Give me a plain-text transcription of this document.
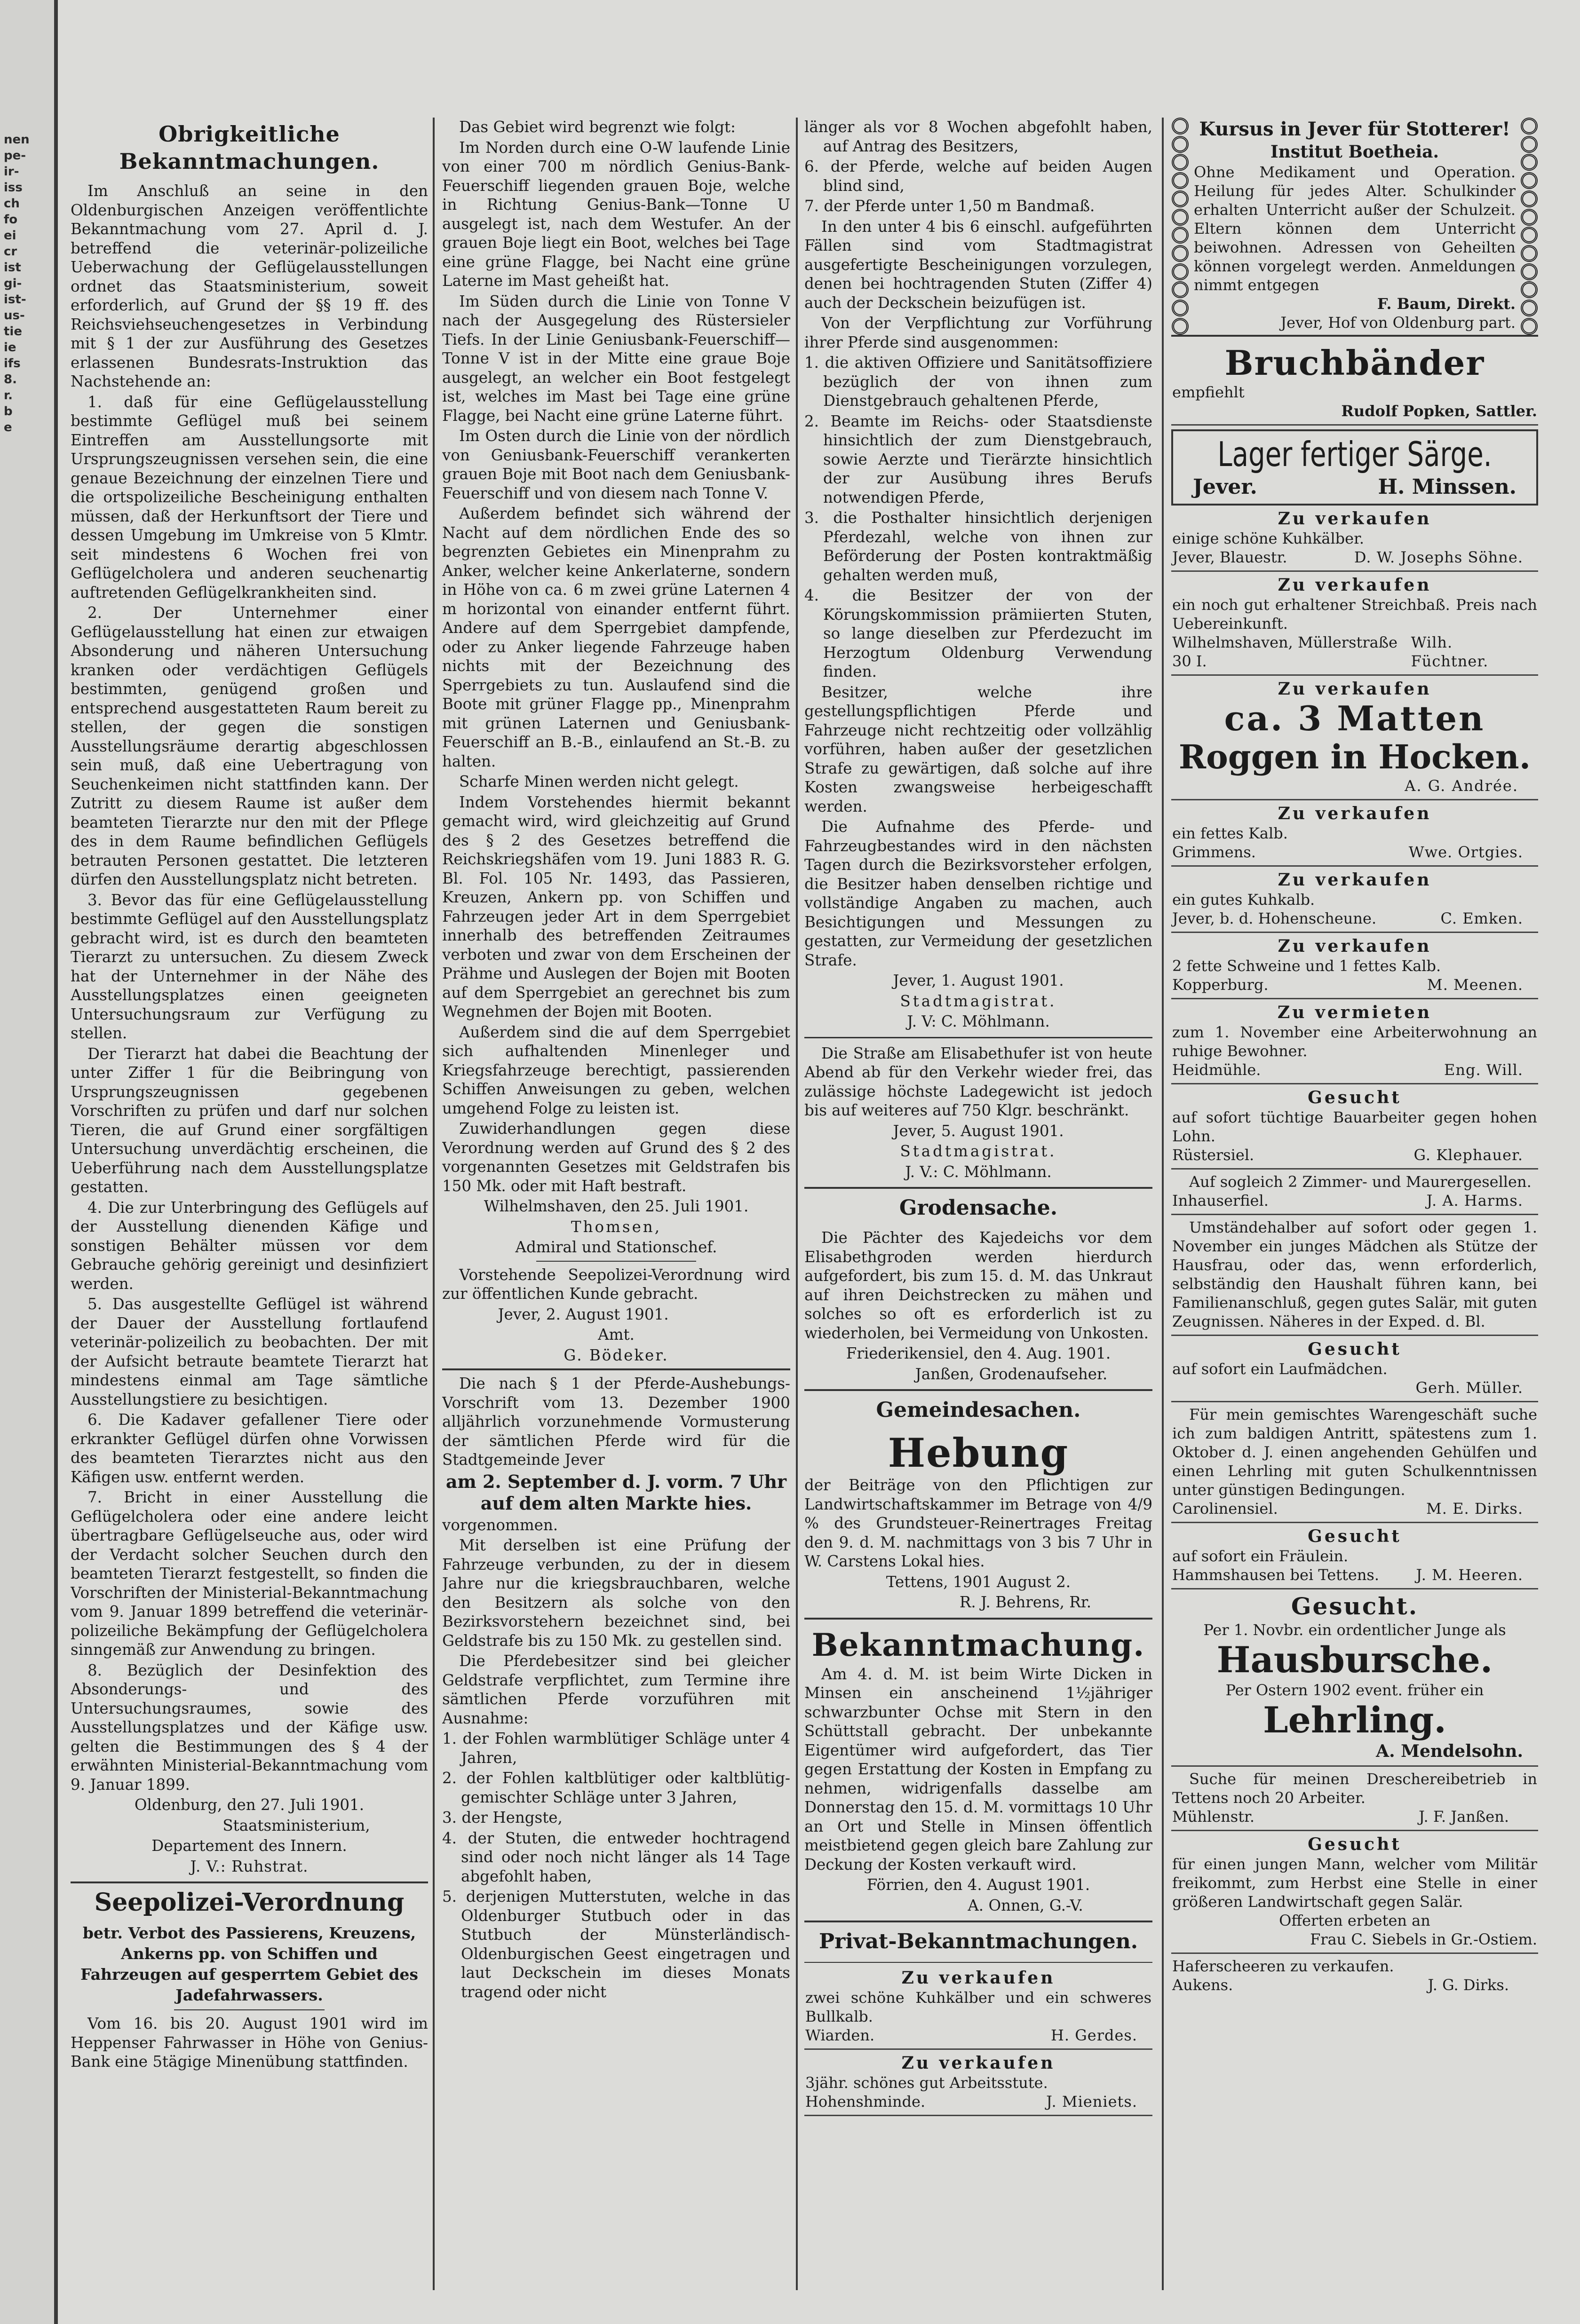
nen
pe-
ir-
iss
ch
fo
ei
cr
ist
gi-
ist-
us-
tie
ie
ifs
8.
r.
b
e
Obrigkeitliche Bekanntmachungen.

Im Anschluß an seine in den Oldenburgischen Anzeigen veröffentlichte Bekanntmachung vom 27. April d. J. betreffend die veterinär-polizeiliche Ueberwachung der Geflügelausstellungen ordnet das Staatsministerium, soweit erforderlich, auf Grund der §§ 19 ff. des Reichsviehseuchengesetzes in Verbindung mit § 1 der zur Ausführung des Gesetzes erlassenen Bundesrats-Instruktion das Nachstehende an:

1. daß für eine Geflügelausstellung bestimmte Geflügel muß bei seinem Eintreffen am Ausstellungsorte mit Ursprungszeugnissen versehen sein, die eine genaue Bezeichnung der einzelnen Tiere und die ortspolizeiliche Bescheinigung enthalten müssen, daß der Herkunftsort der Tiere und dessen Umgebung im Umkreise von 5 Klmtr. seit mindestens 6 Wochen frei von Geflügelcholera und anderen seuchenartig auftretenden Geflügelkrankheiten sind.

2. Der Unternehmer einer Geflügelausstellung hat einen zur etwaigen Absonderung und näheren Untersuchung kranken oder verdächtigen Geflügels bestimmten, genügend großen und entsprechend ausgestatteten Raum bereit zu stellen, der gegen die sonstigen Ausstellungsräume derartig abgeschlossen sein muß, daß eine Uebertragung von Seuchenkeimen nicht stattfinden kann. Der Zutritt zu diesem Raume ist außer dem beamteten Tierarzte nur den mit der Pflege des in dem Raume befindlichen Geflügels betrauten Personen gestattet. Die letzteren dürfen den Ausstellungsplatz nicht betreten.

3. Bevor das für eine Geflügelausstellung bestimmte Geflügel auf den Ausstellungsplatz gebracht wird, ist es durch den beamteten Tierarzt zu untersuchen. Zu diesem Zweck hat der Unternehmer in der Nähe des Ausstellungsplatzes einen geeigneten Untersuchungsraum zur Verfügung zu stellen.

Der Tierarzt hat dabei die Beachtung der unter Ziffer 1 für die Beibringung von Ursprungszeugnissen gegebenen Vorschriften zu prüfen und darf nur solchen Tieren, die auf Grund einer sorgfältigen Untersuchung unverdächtig erscheinen, die Ueberführung nach dem Ausstellungsplatze gestatten.

4. Die zur Unterbringung des Geflügels auf der Ausstellung dienenden Käfige und sonstigen Behälter müssen vor dem Gebrauche gehörig gereinigt und desinfiziert werden.

5. Das ausgestellte Geflügel ist während der Dauer der Ausstellung fortlaufend veterinär-polizeilich zu beobachten. Der mit der Aufsicht betraute beamtete Tierarzt hat mindestens einmal am Tage sämtliche Ausstellungstiere zu besichtigen.

6. Die Kadaver gefallener Tiere oder erkrankter Geflügel dürfen ohne Vorwissen des beamteten Tierarztes nicht aus den Käfigen usw. entfernt werden.

7. Bricht in einer Ausstellung die Geflügelcholera oder eine andere leicht übertragbare Geflügelseuche aus, oder wird der Verdacht solcher Seuchen durch den beamteten Tierarzt festgestellt, so finden die Vorschriften der Ministerial-Bekanntmachung vom 9. Januar 1899 betreffend die veterinär-polizeiliche Bekämpfung der Geflügelcholera sinngemäß zur Anwendung zu bringen.

8. Bezüglich der Desinfektion des Absonderungs- und des Untersuchungsraumes, sowie des Ausstellungsplatzes und der Käfige usw. gelten die Bestimmungen des § 4 der erwähnten Ministerial-Bekanntmachung vom 9. Januar 1899.

Oldenburg, den 27. Juli 1901.

Staatsministerium,

Departement des Innern.

J. V.: Ruhstrat.

Seepolizei-Verordnung

betr. Verbot des Passierens, Kreuzens, Ankerns pp. von Schiffen und Fahrzeugen auf gesperrtem Gebiet des Jadefahrwassers.

Vom 16. bis 20. August 1901 wird im Heppenser Fahrwasser in Höhe von Genius-Bank eine 5tägige Minenübung stattfinden.

Das Gebiet wird begrenzt wie folgt:

Im Norden durch eine O-W laufende Linie von einer 700 m nördlich Genius-Bank-Feuerschiff liegenden grauen Boje, welche in Richtung Genius-Bank—Tonne U ausgelegt ist, nach dem Westufer. An der grauen Boje liegt ein Boot, welches bei Tage eine grüne Flagge, bei Nacht eine grüne Laterne im Mast geheißt hat.

Im Süden durch die Linie von Tonne V nach der Ausgegelung des Rüstersieler Tiefs. In der Linie Geniusbank-Feuerschiff—Tonne V ist in der Mitte eine graue Boje ausgelegt, an welcher ein Boot festgelegt ist, welches im Mast bei Tage eine grüne Flagge, bei Nacht eine grüne Laterne führt.

Im Osten durch die Linie von der nördlich von Geniusbank-Feuerschiff verankerten grauen Boje mit Boot nach dem Geniusbank-Feuerschiff und von diesem nach Tonne V.

Außerdem befindet sich während der Nacht auf dem nördlichen Ende des so begrenzten Gebietes ein Minenprahm zu Anker, welcher keine Ankerlaterne, sondern in Höhe von ca. 6 m zwei grüne Laternen 4 m horizontal von einander entfernt führt. Andere auf dem Sperrgebiet dampfende, oder zu Anker liegende Fahrzeuge haben nichts mit der Bezeichnung des Sperrgebiets zu tun. Auslaufend sind die Boote mit grüner Flagge pp., Minenprahm mit grünen Laternen und Geniusbank-Feuerschiff an B.-B., einlaufend an St.-B. zu halten.

Scharfe Minen werden nicht gelegt.

Indem Vorstehendes hiermit bekannt gemacht wird, wird gleichzeitig auf Grund des § 2 des Gesetzes betreffend die Reichskriegshäfen vom 19. Juni 1883 R. G. Bl. Fol. 105 Nr. 1493, das Passieren, Kreuzen, Ankern pp. von Schiffen und Fahrzeugen jeder Art in dem Sperrgebiet innerhalb des betreffenden Zeitraumes verboten und zwar von dem Erscheinen der Prähme und Auslegen der Bojen mit Booten auf dem Sperrgebiet an gerechnet bis zum Wegnehmen der Bojen mit Booten.

Außerdem sind die auf dem Sperrgebiet sich aufhaltenden Minenleger und Kriegsfahrzeuge berechtigt, passierenden Schiffen Anweisungen zu geben, welchen umgehend Folge zu leisten ist.

Zuwiderhandlungen gegen diese Verordnung werden auf Grund des § 2 des vorgenannten Gesetzes mit Geldstrafen bis 150 Mk. oder mit Haft bestraft.

Wilhelmshaven, den 25. Juli 1901.

Thomsen,

Admiral und Stationschef.

Vorstehende Seepolizei-Verordnung wird zur öffentlichen Kunde gebracht.

Jever, 2. August 1901.

Amt.

G. Bödeker.

Die nach § 1 der Pferde-Aushebungs-Vorschrift vom 13. Dezember 1900 alljährlich vorzunehmende Vormusterung der sämtlichen Pferde wird für die Stadtgemeinde Jever

am 2. September d. J. vorm. 7 Uhr auf dem alten Markte hies.

vorgenommen.

Mit derselben ist eine Prüfung der Fahrzeuge verbunden, zu der in diesem Jahre nur die kriegsbrauchbaren, welche den Besitzern als solche von den Bezirksvorstehern bezeichnet sind, bei Geldstrafe bis zu 150 Mk. zu gestellen sind.

Die Pferdebesitzer sind bei gleicher Geldstrafe verpflichtet, zum Termine ihre sämtlichen Pferde vorzuführen mit Ausnahme:

1. der Fohlen warmblütiger Schläge unter 4 Jahren,

2. der Fohlen kaltblütiger oder kaltblütig-gemischter Schläge unter 3 Jahren,

3. der Hengste,

4. der Stuten, die entweder hochtragend sind oder noch nicht länger als 14 Tage abgefohlt haben,

5. derjenigen Mutterstuten, welche in das Oldenburger Stutbuch oder in das Stutbuch der Münsterländisch-Oldenburgischen Geest eingetragen und laut Deckschein im dieses Monats tragend oder nicht

länger als vor 8 Wochen abgefohlt haben, auf Antrag des Besitzers,

6. der Pferde, welche auf beiden Augen blind sind,

7. der Pferde unter 1,50 m Bandmaß.

In den unter 4 bis 6 einschl. aufgeführten Fällen sind vom Stadtmagistrat ausgefertigte Bescheinigungen vorzulegen, denen bei hochtragenden Stuten (Ziffer 4) auch der Deckschein beizufügen ist.

Von der Verpflichtung zur Vorführung ihrer Pferde sind ausgenommen:

1. die aktiven Offiziere und Sanitätsoffiziere bezüglich der von ihnen zum Dienstgebrauch gehaltenen Pferde,

2. Beamte im Reichs- oder Staatsdienste hinsichtlich der zum Dienstgebrauch, sowie Aerzte und Tierärzte hinsichtlich der zur Ausübung ihres Berufs notwendigen Pferde,

3. die Posthalter hinsichtlich derjenigen Pferdezahl, welche von ihnen zur Beförderung der Posten kontraktmäßig gehalten werden muß,

4. die Besitzer der von der Körungskommission prämiierten Stuten, so lange dieselben zur Pferdezucht im Herzogtum Oldenburg Verwendung finden.

Besitzer, welche ihre gestellungspflichtigen Pferde und Fahrzeuge nicht rechtzeitig oder vollzählig vorführen, haben außer der gesetzlichen Strafe zu gewärtigen, daß solche auf ihre Kosten zwangsweise herbeigeschafft werden.

Die Aufnahme des Pferde- und Fahrzeugbestandes wird in den nächsten Tagen durch die Bezirksvorsteher erfolgen, die Besitzer haben denselben richtige und vollständige Angaben zu machen, auch Besichtigungen und Messungen zu gestatten, zur Vermeidung der gesetzlichen Strafe.

Jever, 1. August 1901.

Stadtmagistrat.

J. V: C. Möhlmann.

Die Straße am Elisabethufer ist von heute Abend ab für den Verkehr wieder frei, das zulässige höchste Ladegewicht ist jedoch bis auf weiteres auf 750 Klgr. beschränkt.

Jever, 5. August 1901.

Stadtmagistrat.

J. V.: C. Möhlmann.

Grodensache.

Die Pächter des Kajedeichs vor dem Elisabethgroden werden hierdurch aufgefordert, bis zum 15. d. M. das Unkraut auf ihren Deichstrecken zu mähen und solches so oft es erforderlich ist zu wiederholen, bei Vermeidung von Unkosten.

Friederikensiel, den 4. Aug. 1901.

Janßen, Grodenaufseher.

Gemeindesachen.
Hebung

der Beiträge von den Pflichtigen zur Landwirtschaftskammer im Betrage von 4/9 % des Grundsteuer-Reinertrages Freitag den 9. d. M. nachmittags von 3 bis 7 Uhr in W. Carstens Lokal hies.

Tettens, 1901 August 2.

R. J. Behrens, Rr.

Bekanntmachung.

Am 4. d. M. ist beim Wirte Dicken in Minsen ein anscheinend 1½jähriger schwarzbunter Ochse mit Stern in den Schüttstall gebracht. Der unbekannte Eigentümer wird aufgefordert, das Tier gegen Erstattung der Kosten in Empfang zu nehmen, widrigenfalls dasselbe am Donnerstag den 15. d. M. vormittags 10 Uhr an Ort und Stelle in Minsen öffentlich meistbietend gegen gleich bare Zahlung zur Deckung der Kosten verkauft wird.

Förrien, den 4. August 1901.

A. Onnen, G.-V.

Privat-Bekanntmachungen.
Zu verkaufen
zwei schöne Kuhkälber und ein schweres Bullkalb.
Wiarden.	H. Gerdes.
Zu verkaufen
3jähr. schönes gut Arbeitsstute.
Hohenshminde.	J. Mieniets.
Kursus in Jever für Stotterer!
Institut Boetheia.

Ohne Medikament und Operation. Heilung für jedes Alter. Schulkinder erhalten Unterricht außer der Schulzeit. Eltern können dem Unterricht beiwohnen. Adressen von Geheilten können vorgelegt werden. Anmeldungen nimmt entgegen

F. Baum, Direkt.
Jever, Hof von Oldenburg part.
Bruchbänder
empfiehlt
Rudolf Popken, Sattler.
Lager fertiger Särge.
Jever.	H. Minssen.
Zu verkaufen
einige schöne Kuhkälber.
Jever, Blauestr.	D. W. Josephs Söhne.
Zu verkaufen
ein noch gut erhaltener Streichbaß. Preis nach Uebereinkunft.
Wilhelmshaven, Müllerstraße 30 I.
Wilh. Füchtner.
Zu verkaufen
ca. 3 Matten
Roggen in Hocken.
A. G. Andrée.
Zu verkaufen
ein fettes Kalb.
Grimmens.	Wwe. Ortgies.
Zu verkaufen
ein gutes Kuhkalb.
Jever, b. d. Hohenscheune.	C. Emken.
Zu verkaufen
2 fette Schweine und 1 fettes Kalb.
Kopperburg.	M. Meenen.
Zu vermieten
zum 1. November eine Arbeiterwohnung an ruhige Bewohner.
Heidmühle.	Eng. Will.
Gesucht
auf sofort tüchtige Bauarbeiter gegen hohen Lohn.
Rüstersiel.	G. Klephauer.
Auf sogleich 2 Zimmer- und Maurergesellen.
Inhauserfiel.	J. A. Harms.
Umständehalber auf sofort oder gegen 1. November ein junges Mädchen als Stütze der Hausfrau, oder das, wenn erforderlich, selbständig den Haushalt führen kann, bei Familienanschluß, gegen gutes Salär, mit guten Zeugnissen. Näheres in der Exped. d. Bl.
Gesucht
auf sofort ein Laufmädchen.
Gerh. Müller.
Für mein gemischtes Warengeschäft suche ich zum baldigen Antritt, spätestens zum 1. Oktober d. J. einen angehenden Gehülfen und einen Lehrling mit guten Schulkenntnissen unter günstigen Bedingungen.
Carolinensiel.	M. E. Dirks.
Gesucht
auf sofort ein Fräulein.
Hammshausen bei Tettens. J. M. Heeren.
Gesucht.
Per 1. Novbr. ein ordentlicher Junge als
Hausbursche.
Per Ostern 1902 event. früher ein
Lehrling.
A. Mendelsohn.
Suche für meinen Dreschereibetrieb in Tettens noch 20 Arbeiter.
Mühlenstr.	J. F. Janßen.
Gesucht
für einen jungen Mann, welcher vom Militär freikommt, zum Herbst eine Stelle in einer größeren Landwirtschaft gegen Salär.
Offerten erbeten an
Frau C. Siebels in Gr.-Ostiem.
Haferscheeren zu verkaufen.
Aukens.	J. G. Dirks.
